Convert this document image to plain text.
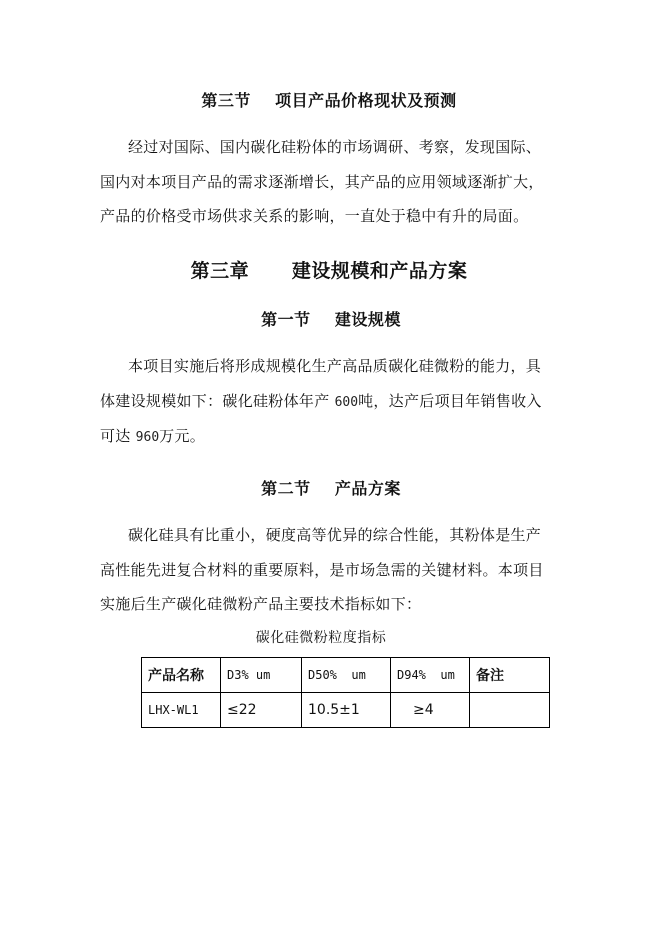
第三节    项目产品价格现状及预测
经过对国际、国内碳化硅粉体的市场调研、考察，发现国际、
国内对本项目产品的需求逐渐增长，其产品的应用领域逐渐扩大，
产品的价格受市场供求关系的影响，一直处于稳中有升的局面。
第三章      建设规模和产品方案
第一节    建设规模
本项目实施后将形成规模化生产高品质碳化硅微粉的能力，具
体建设规模如下：碳化硅粉体年产 600吨，达产后项目年销售收入
可达 960万元。
第二节    产品方案
碳化硅具有比重小，硬度高等优异的综合性能，其粉体是生产
高性能先进复合材料的重要原料，是市场急需的关键材料。本项目
实施后生产碳化硅微粉产品主要技术指标如下：
碳化硅微粉粒度指标
产品名称	D3% um	D50%  um	D94%  um	备注
LHX-WL1	≤22	10.5±1	≥4	
